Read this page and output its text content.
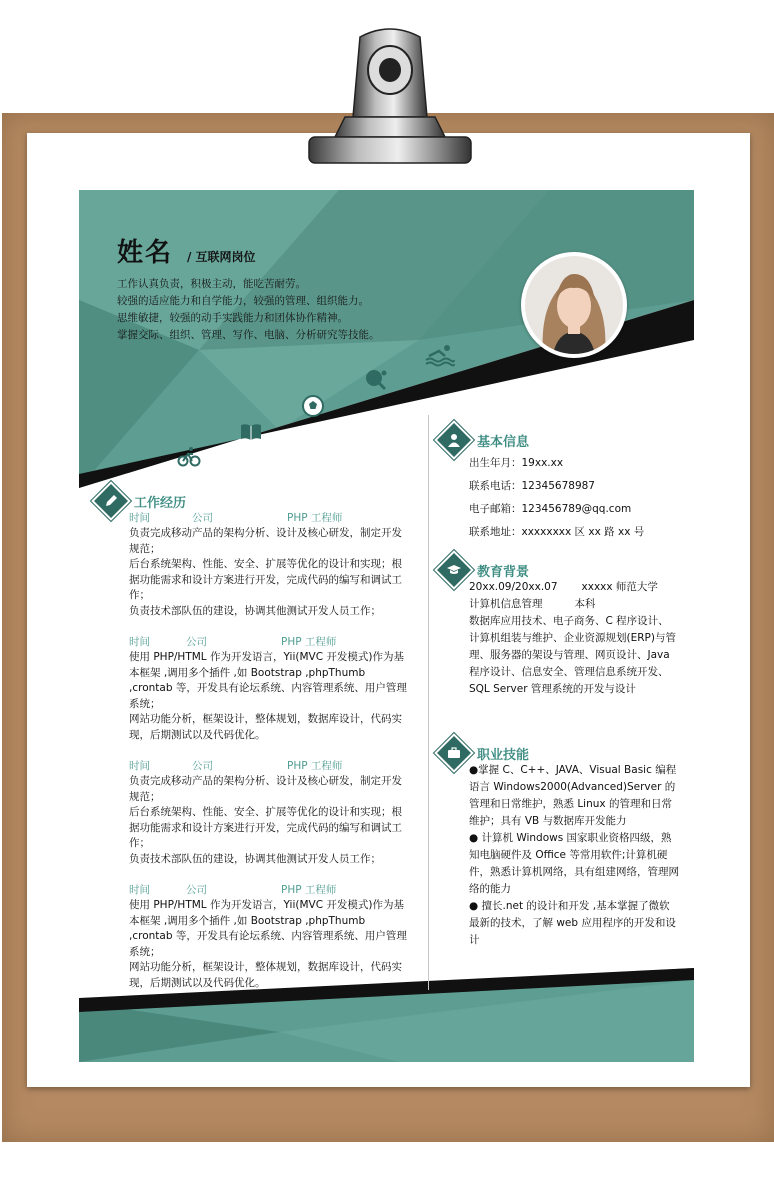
姓名 / 互联网岗位
工作认真负责，积极主动，能吃苦耐劳。
较强的适应能力和自学能力，较强的管理、组织能力。
思维敏捷，较强的动手实践能力和团体协作精神。
掌握交际、组织、管理、写作、电脑、分析研究等技能。
工作经历
时间	公司	PHP 工程师

负责完成移动产品的架构分析、设计及核心研发，制定开发规范；

后台系统架构、性能、安全、扩展等优化的设计和实现；根据功能需求和设计方案进行开发，完成代码的编写和调试工作；

负责技术部队伍的建设，协调其他测试开发人员工作；

时间	公司	PHP 工程师

使用 PHP/HTML 作为开发语言，Yii(MVC 开发模式)作为基本框架 ,调用多个插件 ,如 Bootstrap ,phpThumb ,crontab 等，开发具有论坛系统、内容管理系统、用户管理系统；

网站功能分析，框架设计，整体规划，数据库设计，代码实现，后期测试以及代码优化。

时间	公司	PHP 工程师

负责完成移动产品的架构分析、设计及核心研发，制定开发规范；

后台系统架构、性能、安全、扩展等优化的设计和实现；根据功能需求和设计方案进行开发，完成代码的编写和调试工作；

负责技术部队伍的建设，协调其他测试开发人员工作；

时间	公司	PHP 工程师

使用 PHP/HTML 作为开发语言，Yii(MVC 开发模式)作为基本框架 ,调用多个插件 ,如 Bootstrap ,phpThumb ,crontab 等，开发具有论坛系统、内容管理系统、用户管理系统；

网站功能分析，框架设计，整体规划，数据库设计，代码实现，后期测试以及代码优化。

基本信息
出生年月：19xx.xx
联系电话：12345678987
电子邮箱：123456789@qq.com
联系地址：xxxxxxxx 区 xx 路 xx 号
教育背景

20xx.09/20xx.07 xxxxx 师范大学

计算机信息管理	本科

数据库应用技术、电子商务、C 程序设计、计算机组装与维护、企业资源规划(ERP)与管理、服务器的架设与管理、网页设计、Java 程序设计、信息安全、管理信息系统开发、SQL Server 管理系统的开发与设计

职业技能

●掌握 C、C++、JAVA、Visual Basic 编程语言 Windows2000(Advanced)Server 的管理和日常维护，熟悉 Linux 的管理和日常维护；具有 VB 与数据库开发能力

● 计算机 Windows 国家职业资格四级，熟知电脑硬件及 Office 等常用软件;计算机硬件，熟悉计算机网络，具有组建网络，管理网络的能力

● 擅长.net 的设计和开发 ,基本掌握了微软最新的技术，了解 web 应用程序的开发和设计
